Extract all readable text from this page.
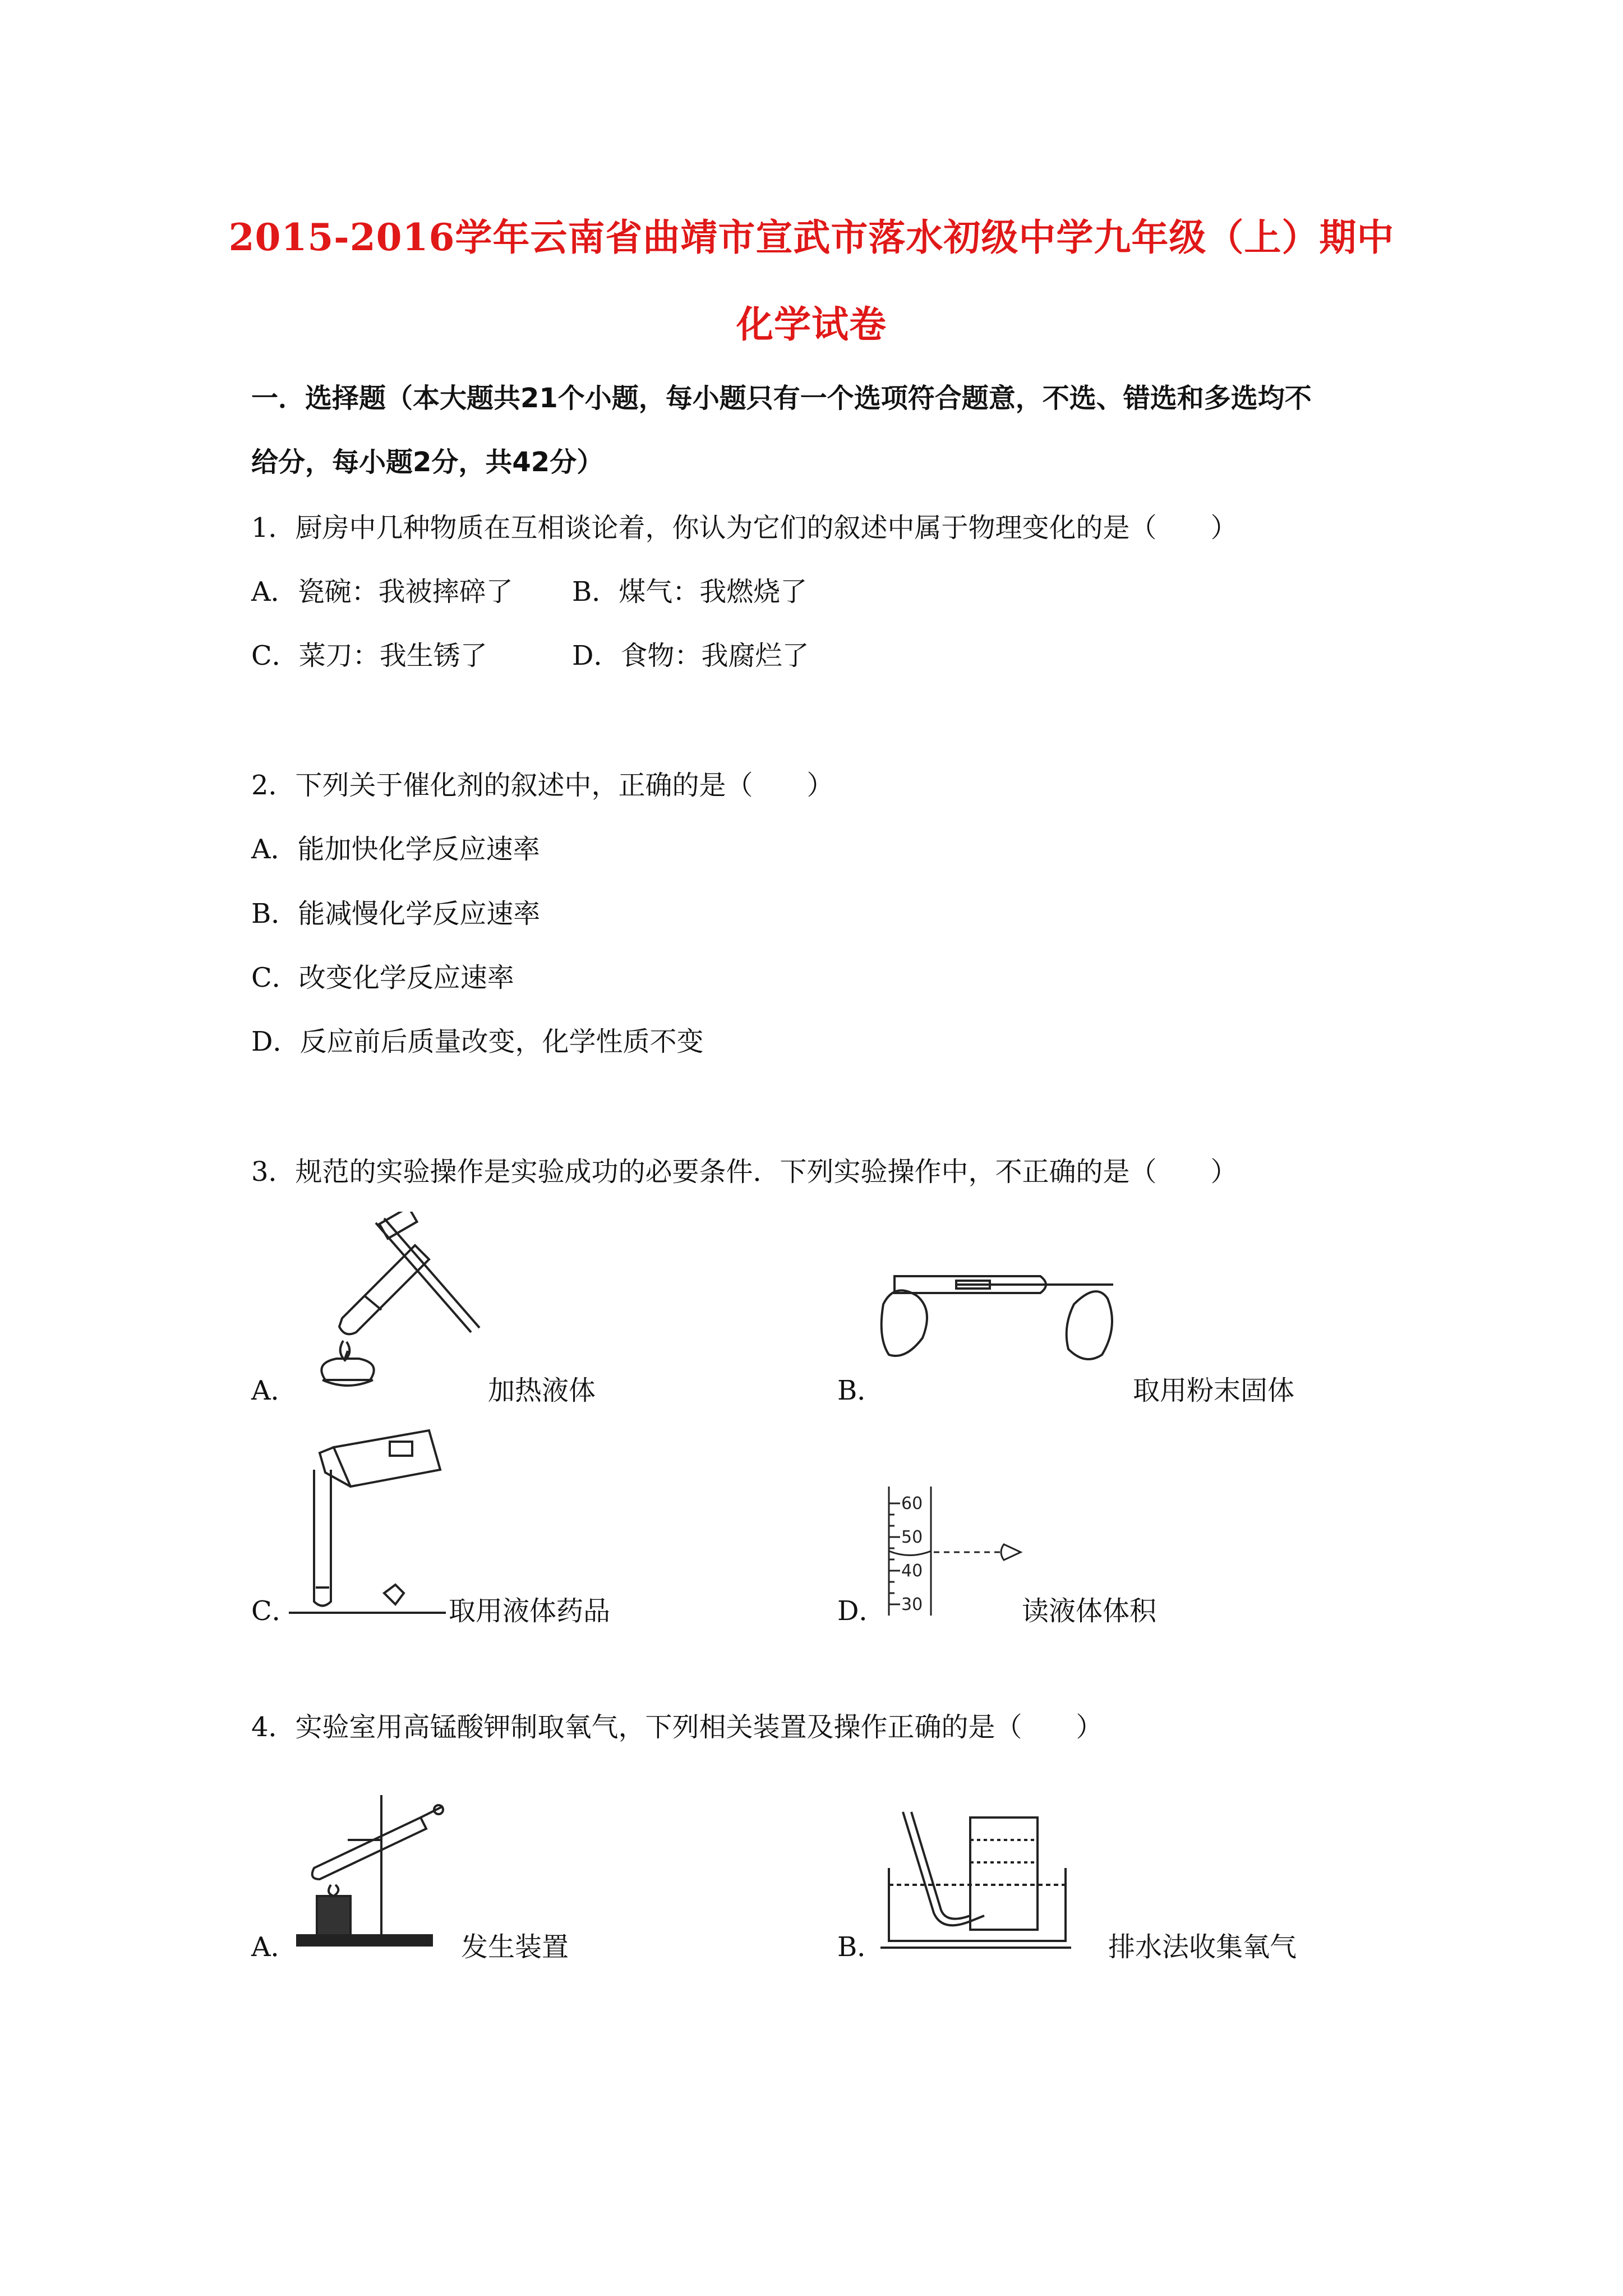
2015-2016学年云南省曲靖市宣武市落水初级中学九年级（上）期中
化学试卷
一．选择题（本大题共21个小题，每小题只有一个选项符合题意，不选、错选和多选均不
给分，每小题2分，共42分）
1．厨房中几种物质在互相谈论着，你认为它们的叙述中属于物理变化的是（　　）
A．瓷碗：我被摔碎了 B．煤气：我燃烧了
C．菜刀：我生锈了	D．食物：我腐烂了
2．下列关于催化剂的叙述中，正确的是（　　）
A．能加快化学反应速率
B．能减慢化学反应速率
C．改变化学反应速率
D．反应前后质量改变，化学性质不变
3．规范的实验操作是实验成功的必要条件．下列实验操作中，不正确的是（　　）
A．	加热液体	B．	取用粉末固体
C．	取用液体药品
60
50
40
30
D．	读液体体积
4．实验室用高锰酸钾制取氧气，下列相关装置及操作正确的是（　　）
A．	发生装置	B．	排水法收集氧气
